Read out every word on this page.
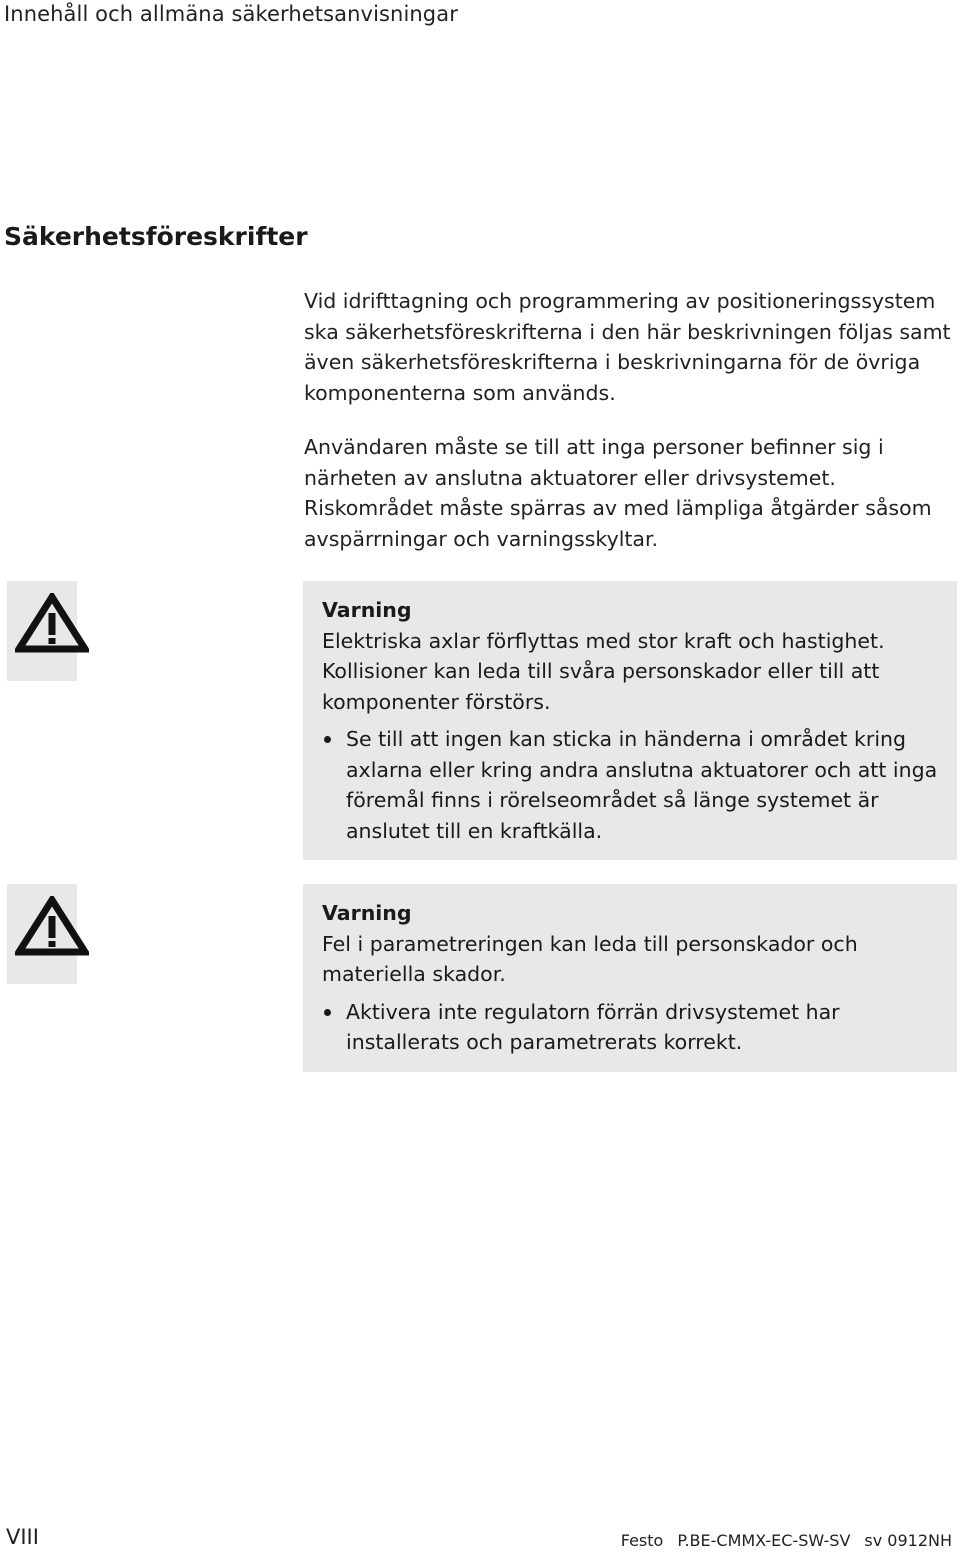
Innehåll och allmäna säkerhetsanvisningar
Säkerhetsföreskrifter
Vid idrifttagning och programmering av positioneringssystem ska säkerhetsföreskrifterna i den här beskrivningen följas samt även säkerhetsföreskrifterna i beskrivningarna för de övriga komponenterna som används.
Användaren måste se till att inga personer befinner sig i närheten av anslutna aktuatorer eller drivsystemet. Riskområdet måste spärras av med lämpliga åtgärder såsom avspärrningar och varningsskyltar.
Varning
Elektriska axlar förflyttas med stor kraft och hastighet. Kollisioner kan leda till svåra personskador eller till att komponenter förstörs.
Se till att ingen kan sticka in händerna i området kring axlarna eller kring andra anslutna aktuatorer och att inga föremål finns i rörelseområdet så länge systemet är anslutet till en kraftkälla.
Varning
Fel i parametreringen kan leda till personskador och materiella skador.
Aktivera inte regulatorn förrän drivsystemet har installerats och parametrerats korrekt.
VIII	Festo P.BE-CMMX-EC-SW-SV sv 0912NH
